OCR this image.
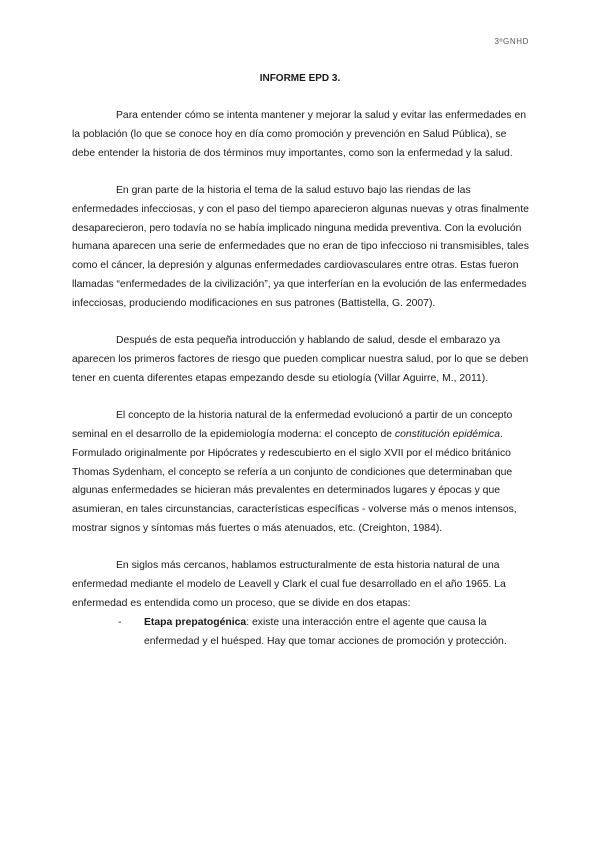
3ºGNHD
INFORME EPD 3.

Para entender cómo se intenta mantener y mejorar la salud y evitar las enfermedades en la población (lo que se conoce hoy en día como promoción y prevención en Salud Pública), se debe entender la historia de dos términos muy importantes, como son la enfermedad y la salud.

En gran parte de la historia el tema de la salud estuvo bajo las riendas de las enfermedades infecciosas, y con el paso del tiempo aparecieron algunas nuevas y otras finalmente desaparecieron, pero todavía no se había implicado ninguna medida preventiva. Con la evolución humana aparecen una serie de enfermedades que no eran de tipo infeccioso ni transmisibles, tales como el cáncer, la depresión y algunas enfermedades cardiovasculares entre otras. Estas fueron llamadas “enfermedades de la civilización”, ya que interferían en la evolución de las enfermedades infecciosas, produciendo modificaciones en sus patrones (Battistella, G. 2007).

Después de esta pequeña introducción y hablando de salud, desde el embarazo ya aparecen los primeros factores de riesgo que pueden complicar nuestra salud, por lo que se deben tener en cuenta diferentes etapas empezando desde su etiología (Villar Aguirre, M., 2011).

El concepto de la historia natural de la enfermedad evolucionó a partir de un concepto seminal en el desarrollo de la epidemiología moderna: el concepto de constitución epidémica. Formulado originalmente por Hipócrates y redescubierto en el siglo XVII por el médico británico Thomas Sydenham, el concepto se refería a un conjunto de condiciones que determinaban que algunas enfermedades se hicieran más prevalentes en determinados lugares y épocas y que asumieran, en tales circunstancias, características específicas - volverse más o menos intensos, mostrar signos y síntomas más fuertes o más atenuados, etc. (Creighton, 1984).

En siglos más cercanos, hablamos estructuralmente de esta historia natural de una enfermedad mediante el modelo de Leavell y Clark el cual fue desarrollado en el año 1965. La enfermedad es entendida como un proceso, que se divide en dos etapas:

- Etapa prepatogénica: existe una interacción entre el agente que causa la enfermedad y el huésped. Hay que tomar acciones de promoción y protección.
